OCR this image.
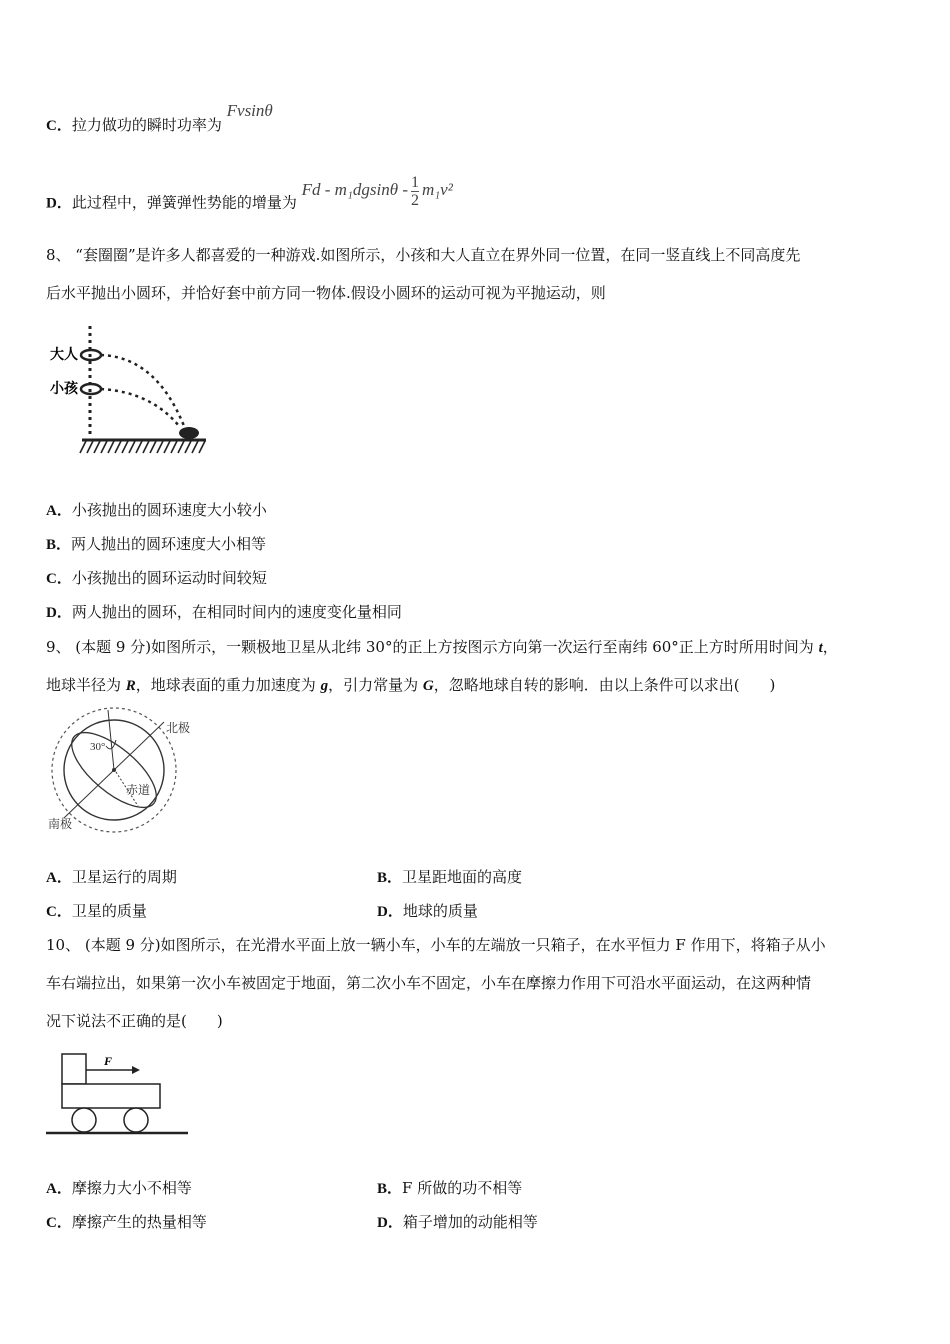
C．拉力做功的瞬时功率为 Fvsinθ
D．此过程中，弹簧弹性势能的增量为 Fd - $m_1dgsin\theta - \frac{1}{2} m_1v^2$
8、 “套圈圈”是许多人都喜爱的一种游戏.如图所示，小孩和大人直立在界外同一位置，在同一竖直线上不同高度先
后水平抛出小圆环，并恰好套中前方同一物体.假设小圆环的运动可视为平抛运动，则
大人
小孩
A．小孩抛出的圆环速度大小较小
B．两人抛出的圆环速度大小相等
C．小孩抛出的圆环运动时间较短
D．两人抛出的圆环，在相同时间内的速度变化量相同
9、 (本题 9 分)如图所示，一颗极地卫星从北纬 30°的正上方按图示方向第一次运行至南纬 60°正上方时所用时间为 t，
地球半径为 R，地球表面的重力加速度为 g，引力常量为 G，忽略地球自转的影响．由以上条件可以求出(　　)
30°
北极
赤道
南极
A．卫星运行的周期	B．卫星距地面的高度
C．卫星的质量	D．地球的质量
10、 (本题 9 分)如图所示，在光滑水平面上放一辆小车，小车的左端放一只箱子，在水平恒力 F 作用下，将箱子从小
车右端拉出，如果第一次小车被固定于地面，第二次小车不固定，小车在摩擦力作用下可沿水平面运动，在这两种情
况下说法不正确的是(　　)
F
A．摩擦力大小不相等	B．F 所做的功不相等
C．摩擦产生的热量相等	D．箱子增加的动能相等
